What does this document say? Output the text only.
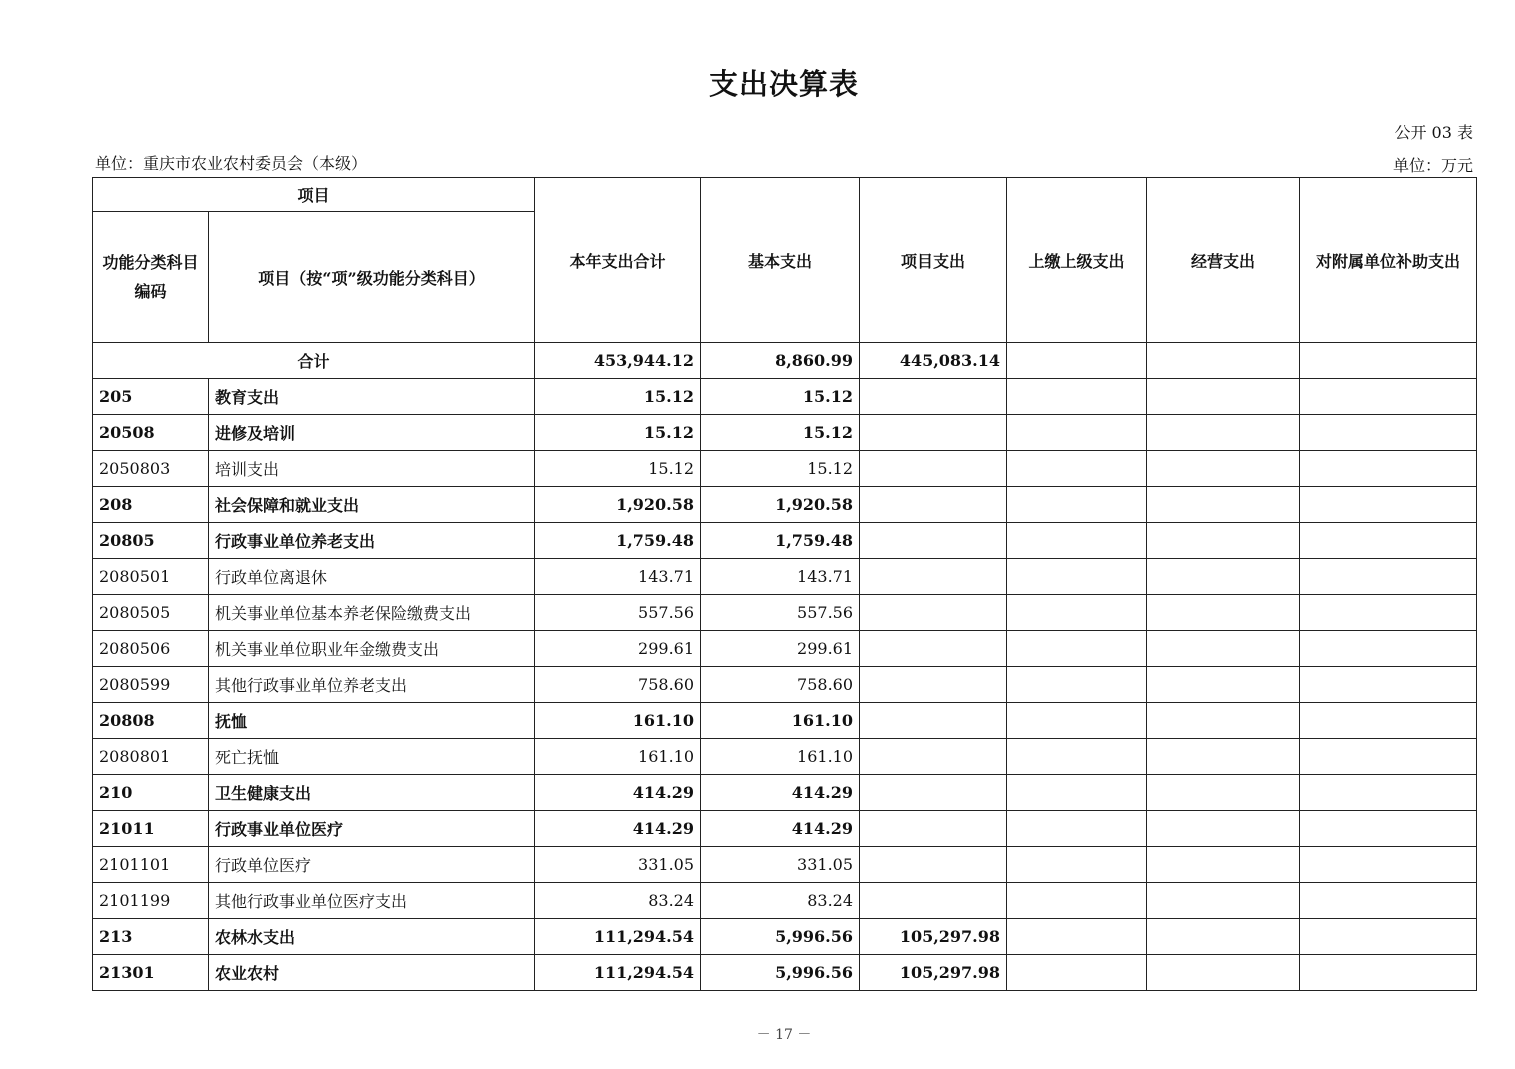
支出决算表
公开 03 表
单位：重庆市农业农村委员会（本级）	单位：万元
项目		本年支出合计	基本支出	项目支出	上缴上级支出	经营支出	对附属单位补助支出
功能分类科目编码	项目（按“项”级功能分类科目）						
合计		453,944.12	8,860.99	445,083.14			
205	教育支出	15.12	15.12				
20508	进修及培训	15.12	15.12				
2050803	培训支出	15.12	15.12				
208	社会保障和就业支出	1,920.58	1,920.58				
20805	行政事业单位养老支出	1,759.48	1,759.48				
2080501	行政单位离退休	143.71	143.71				
2080505	机关事业单位基本养老保险缴费支出	557.56	557.56				
2080506	机关事业单位职业年金缴费支出	299.61	299.61				
2080599	其他行政事业单位养老支出	758.60	758.60				
20808	抚恤	161.10	161.10				
2080801	死亡抚恤	161.10	161.10				
210	卫生健康支出	414.29	414.29				
21011	行政事业单位医疗	414.29	414.29				
2101101	行政单位医疗	331.05	331.05				
2101199	其他行政事业单位医疗支出	83.24	83.24				
213	农林水支出	111,294.54	5,996.56	105,297.98			
21301	农业农村	111,294.54	5,996.56	105,297.98			
－ 17 －
